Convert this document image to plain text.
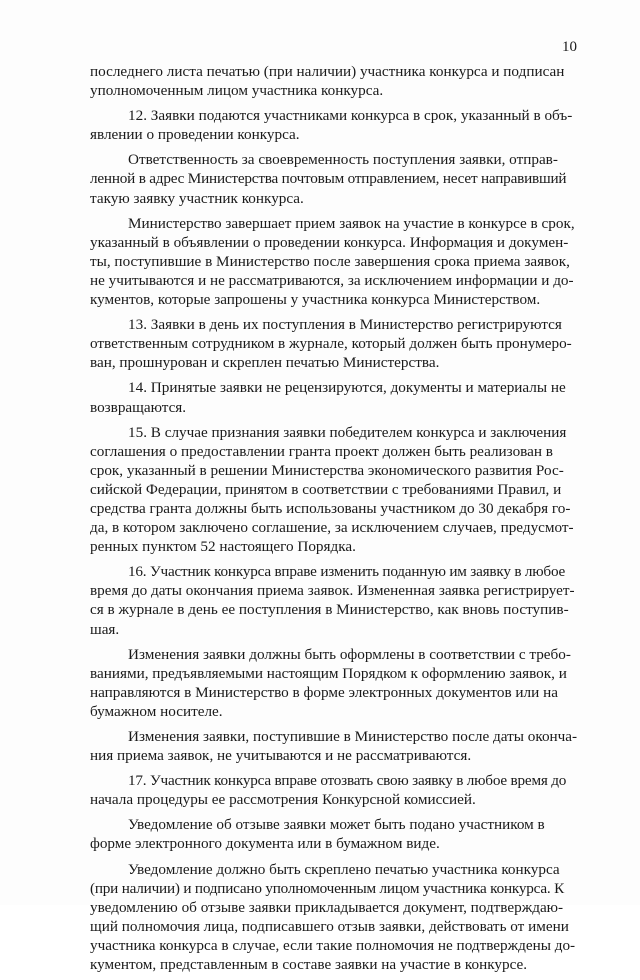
10
последнего листа печатью (при наличии) участника конкурса и подписан
уполномоченным лицом участника конкурса.
12. Заявки подаются участниками конкурса в срок, указанный в объ-
явлении о проведении конкурса.
Ответственность за своевременность поступления заявки, отправ-
ленной в адрес Министерства почтовым отправлением, несет направивший
такую заявку участник конкурса.
Министерство завершает прием заявок на участие в конкурсе в срок,
указанный в объявлении о проведении конкурса. Информация и докумен-
ты, поступившие в Министерство после завершения срока приема заявок,
не учитываются и не рассматриваются, за исключением информации и до-
кументов, которые запрошены у участника конкурса Министерством.
13. Заявки в день их поступления в Министерство регистрируются
ответственным сотрудником в журнале, который должен быть пронумеро-
ван, прошнурован и скреплен печатью Министерства.
14. Принятые заявки не рецензируются, документы и материалы не
возвращаются.
15. В случае признания заявки победителем конкурса и заключения
соглашения о предоставлении гранта проект должен быть реализован в
срок, указанный в решении Министерства экономического развития Рос-
сийской Федерации, принятом в соответствии с требованиями Правил, и
средства гранта должны быть использованы участником до 30 декабря го-
да, в котором заключено соглашение, за исключением случаев, предусмот-
ренных пунктом 52 настоящего Порядка.
16. Участник конкурса вправе изменить поданную им заявку в любое
время до даты окончания приема заявок. Измененная заявка регистрирует-
ся в журнале в день ее поступления в Министерство, как вновь поступив-
шая.
Изменения заявки должны быть оформлены в соответствии с требо-
ваниями, предъявляемыми настоящим Порядком к оформлению заявок, и
направляются в Министерство в форме электронных документов или на
бумажном носителе.
Изменения заявки, поступившие в Министерство после даты оконча-
ния приема заявок, не учитываются и не рассматриваются.
17. Участник конкурса вправе отозвать свою заявку в любое время до
начала процедуры ее рассмотрения Конкурсной комиссией.
Уведомление об отзыве заявки может быть подано участником в
форме электронного документа или в бумажном виде.
Уведомление должно быть скреплено печатью участника конкурса
(при наличии) и подписано уполномоченным лицом участника конкурса. К
уведомлению об отзыве заявки прикладывается документ, подтверждаю-
щий полномочия лица, подписавшего отзыв заявки, действовать от имени
участника конкурса в случае, если такие полномочия не подтверждены до-
кументом, представленным в составе заявки на участие в конкурсе.
